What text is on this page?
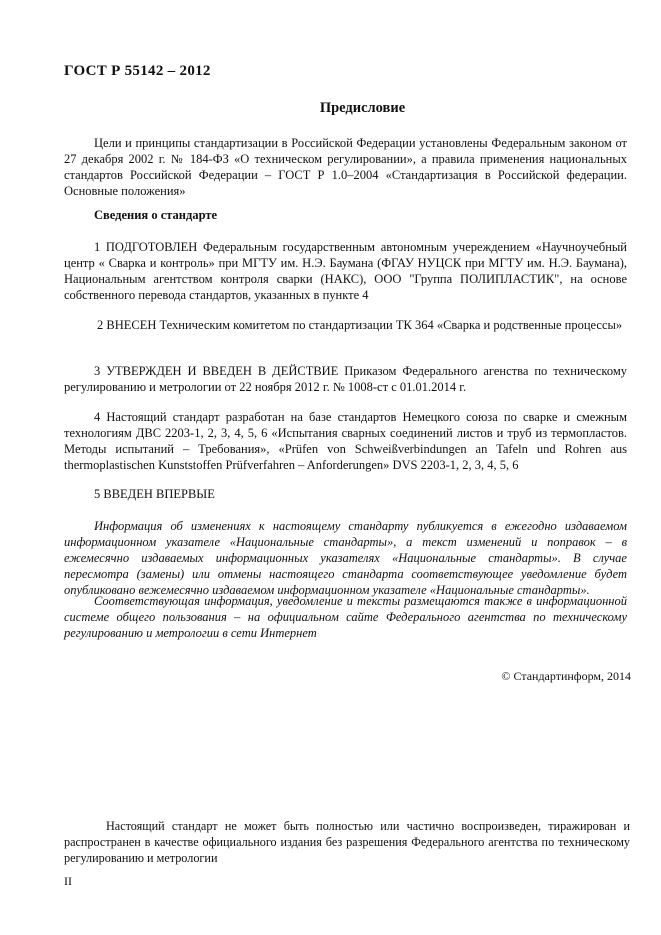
ГОСТ Р 55142 – 2012
Предисловие
Цели и принципы стандартизации в Российской Федерации установлены Федеральным законом от 27 декабря 2002 г. № 184-ФЗ «О техническом регулировании», а правила применения национальных стандартов Российской Федерации – ГОСТ Р 1.0–2004 «Стандартизация в Российской федерации. Основные положения»
Сведения о стандарте
1 ПОДГОТОВЛЕН Федеральным государственным автономным учереждением «Научноучебный центр « Сварка и контроль» при МГТУ им. Н.Э. Баумана (ФГАУ НУЦСК при МГТУ им. Н.Э. Баумана), Национальным агентством контроля сварки (НАКС), ООО "Группа ПОЛИПЛАСТИК", на основе собственного перевода стандартов, указанных в пункте 4
2 ВНЕСЕН Техническим комитетом по стандартизации ТК 364 «Сварка и родственные процессы»
3 УТВЕРЖДЕН И ВВЕДЕН В ДЕЙСТВИЕ Приказом Федерального агенства по техническому регулированию и метрологии от 22 ноября 2012 г. № 1008-ст с 01.01.2014 г.
4 Настоящий стандарт разработан на базе стандартов Немецкого союза по сварке и смежным технологиям ДВС 2203-1, 2, 3, 4, 5, 6 «Испытания сварных соединений листов и труб из термопластов. Методы испытаний – Требования», «Prüfen von Schweißverbindungen an Tafeln und Rohren aus thermoplastischen Kunststoffen Prüfverfahren – Anforderungen» DVS 2203-1, 2, 3, 4, 5, 6
5 ВВЕДЕН ВПЕРВЫЕ
Информация об изменениях к настоящему стандарту публикуется в ежегодно издаваемом информационном указателе «Национальные стандарты», а текст изменений и поправок – в ежемесячно издаваемых информационных указателях «Национальные стандарты». В случае пересмотра (замены) или отмены настоящего стандарта соответствующее уведомление будет опубликовано вежемесячно издаваемом информационном указателе «Национальные стандарты».
Соответствующая информация, уведомление и тексты размещаются также в информационной системе общего пользования – на официальном сайте Федерального агентства по техническому регулированию и метрологии в сети Интернет
© Стандартинформ, 2014
Настоящий стандарт не может быть полностью или частично воспроизведен, тиражирован и распространен в качестве официального издания без разрешения Федерального агентства по техническому регулированию и метрологии
II
